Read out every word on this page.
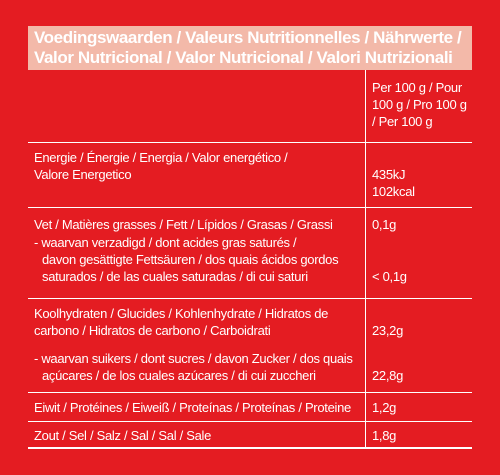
Voedingswaarden / Valeurs Nutritionnelles / Nährwerte /
Valor Nutricional / Valor Nutricional / Valori Nutrizionali
Per 100 g / Pour
100 g / Pro 100 g
/ Per 100 g
Energie / Énergie / Energia / Valor energético /
Valore Energetico	435kJ
102kcal
Vet / Matières grasses / Fett / Lípidos / Grasas / Grassi	0,1g
- waarvan verzadigd / dont acides gras saturés /
davon gesättigte Fettsäuren / dos quais ácidos gordos
saturados / de las cuales saturadas / di cui saturi	< 0,1g
Koolhydraten / Glucides / Kohlenhydrate / Hidratos de
carbono / Hidratos de carbono / Carboidrati	23,2g
- waarvan suikers / dont sucres / davon Zucker / dos quais
açúcares / de los cuales azúcares / di cui zuccheri	22,8g
Eiwit / Protéines / Eiweiß / Proteínas / Proteínas / Proteine 1,2g
Zout / Sel / Salz / Sal / Sal / Sale	1,8g
